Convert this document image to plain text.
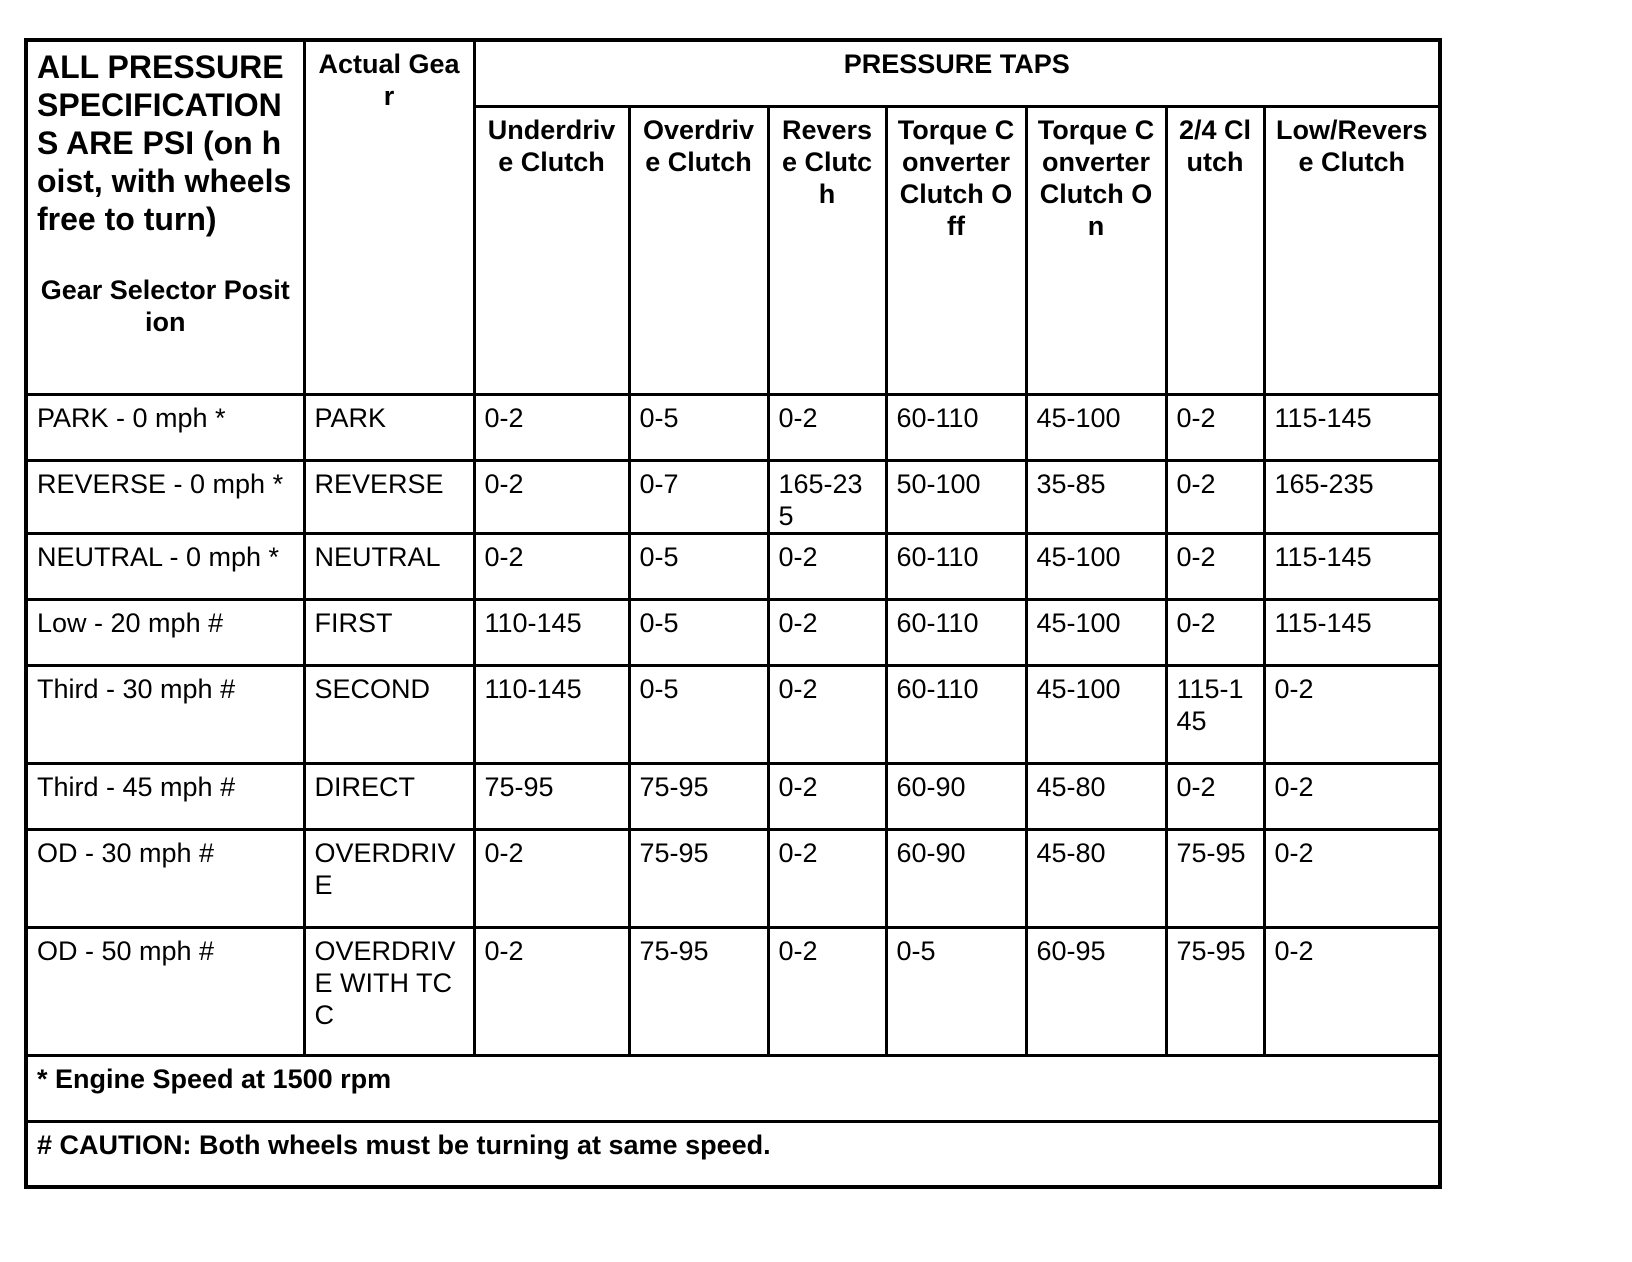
ALL PRESSURE SPECIFICATIONS ARE PSI (on hoist, with wheels free to turn)
Gear Selector Position	Actual Gear	PRESSURE TAPS						
		Underdrive Clutch	Overdrive Clutch	Reverse Clutch	Torque Converter Clutch Off	Torque Converter Clutch On	2/4 Clutch	Low/Reverse Clutch
PARK - 0 mph *	PARK	0-2	0-5	0-2	60-110	45-100	0-2	115-145
REVERSE - 0 mph *	REVERSE	0-2	0-7	165-235	50-100	35-85	0-2	165-235
NEUTRAL - 0 mph *	NEUTRAL	0-2	0-5	0-2	60-110	45-100	0-2	115-145
Low - 20 mph #	FIRST	110-145	0-5	0-2	60-110	45-100	0-2	115-145
Third - 30 mph #	SECOND	110-145	0-5	0-2	60-110	45-100	115-145	0-2
Third - 45 mph #	DIRECT	75-95	75-95	0-2	60-90	45-80	0-2	0-2
OD - 30 mph #	OVERDRIVE	0-2	75-95	0-2	60-90	45-80	75-95	0-2
OD - 50 mph #	OVERDRIVE WITH TCC	0-2	75-95	0-2	0-5	60-95	75-95	0-2
* Engine Speed at 1500 rpm								
# CAUTION: Both wheels must be turning at same speed.								
